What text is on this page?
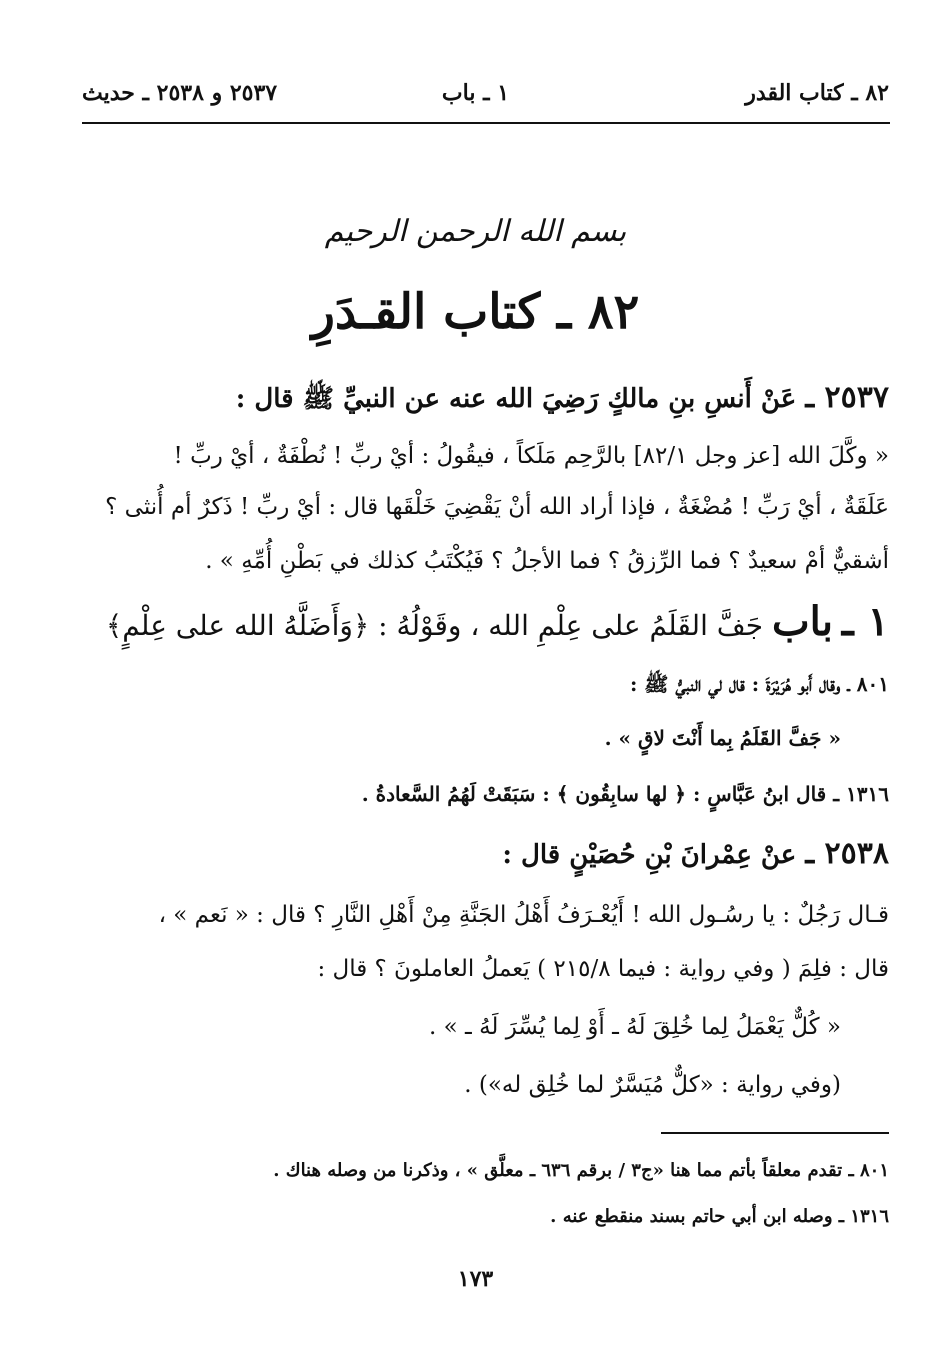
٨٢ ـ كتاب القدر
١ ـ باب
٢٥٣٧ و ٢٥٣٨ ـ حديث
بسم الله الرحمن الرحيم
٨٢ ـ كتاب القـدَرِ
٢٥٣٧ ـ عَنْ أَنسِ بنِ مالكٍ رَضِيَ الله عنه عن النبيِّ ﷺ قال :
« وكَّلَ الله [عز وجل ٨٢/١] بالرَّحِم مَلَكاً ، فيقُولُ : أيْ ربِّ ! نُطْفَةٌ ، أيْ ربِّ !
عَلَقَةٌ ، أيْ رَبِّ ! مُضْغَةٌ ، فإذا أراد الله أنْ يَقْضِيَ خَلْقَها قال : أيْ ربِّ ! ذَكرٌ أم أُنثى ؟
أشقيٌّ أمْ سعيدٌ ؟ فما الرِّزقُ ؟ فما الأجلُ ؟ فَيُكْتَبُ كذلك في بَطْنِ أُمِّهِ » .
١ ـ باب جَفَّ القَلَمُ على عِلْمِ الله ، وقَوْلُهُ : ﴿وَأَضَلَّهُ الله على عِلْمٍ﴾
٨٠١ ـ وقال أَبو هُرَيْرَةَ : قال لي النبيُّ ﷺ :
« جَفَّ القَلَمُ بِما أَنْتَ لاقٍ » .
١٣١٦ ـ قال ابنُ عَبَّاسٍ : ﴿ لها سابِقُون ﴾ : سَبَقَتْ لَهُمُ السَّعادةُ .
٢٥٣٨ ـ عنْ عِمْرانَ بْنِ حُصَيْنٍ قال :
قـال رَجُلٌ : يا رسُـول الله ! أَيُعْـرَفُ أَهْلُ الجَنَّةِ مِنْ أَهْلِ النَّارِ ؟ قال : « نَعم » ،
قال : فلِمَ ( وفي رواية : فيما ٢١٥/٨ ) يَعملُ العاملونَ ؟ قال :
« كُلٌّ يَعْمَلُ لِما خُلِقَ لَهُ ـ أَوْ لِما يُسِّرَ لَهُ ـ » .
(وفي رواية : «كلٌّ مُيَسَّرٌ لما خُلِق له») .
٨٠١ ـ تقدم معلقاً بأتم مما هنا «ج٣ / برقم ٦٣٦ ـ معلَّق » ، وذكرنا من وصله هناك .
١٣١٦ ـ وصله ابن أبي حاتم بسند منقطع عنه .
١٧٣
